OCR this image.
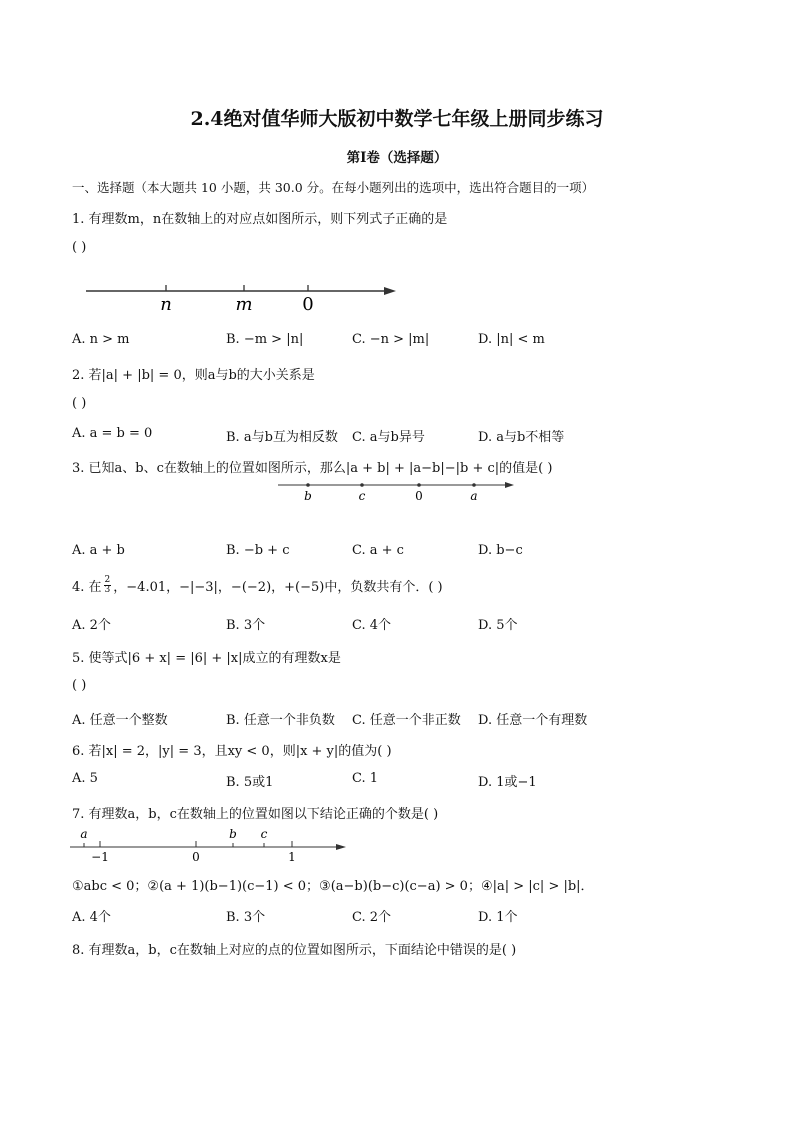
2.4绝对值华师大版初中数学七年级上册同步练习
第I卷（选择题）
一、选择题（本大题共 10 小题，共 30.0 分。在每小题列出的选项中，选出符合题目的一项）
1. 有理数m，n在数轴上的对应点如图所示，则下列式子正确的是
( )
n	m	0
A. n > m	B. −m > |n|	C. −n > |m|	D. |n| < m
2. 若|a| + |b| = 0，则a与b的大小关系是
( )
A. a = b = 0	B. a与b互为相反数 C. a与b异号	D. a与b不相等
3. 已知a、b、c在数轴上的位置如图所示，那么|a + b| + |a−b|−|b + c|的值是( )
b	c	0	a
A. a + b	B. −b + c	C. a + c	D. b−c
4. 在 $\frac{2}{3}$ ，−4.01，−|−3|，−(−2)，+(−5)中，负数共有个．( )
A. 2个	B. 3个	C. 4个	D. 5个
5. 使等式|6 + x| = |6| + |x|成立的有理数x是
( )
A. 任意一个整数	B. 任意一个非负数 C. 任意一个非正数 D. 任意一个有理数
6. 若|x| = 2，|y| = 3，且xy < 0，则|x + y|的值为( )
A. 5	B. 5或1	C. 1	D. 1或−1
7. 有理数a，b，c在数轴上的位置如图以下结论正确的个数是( )
a	b c
−1	0	1
①abc < 0；②(a + 1)(b−1)(c−1) < 0；③(a−b)(b−c)(c−a) > 0；④|a| > |c| > |b|．
A. 4个	B. 3个	C. 2个	D. 1个
8. 有理数a，b，c在数轴上对应的点的位置如图所示，下面结论中错误的是( )
